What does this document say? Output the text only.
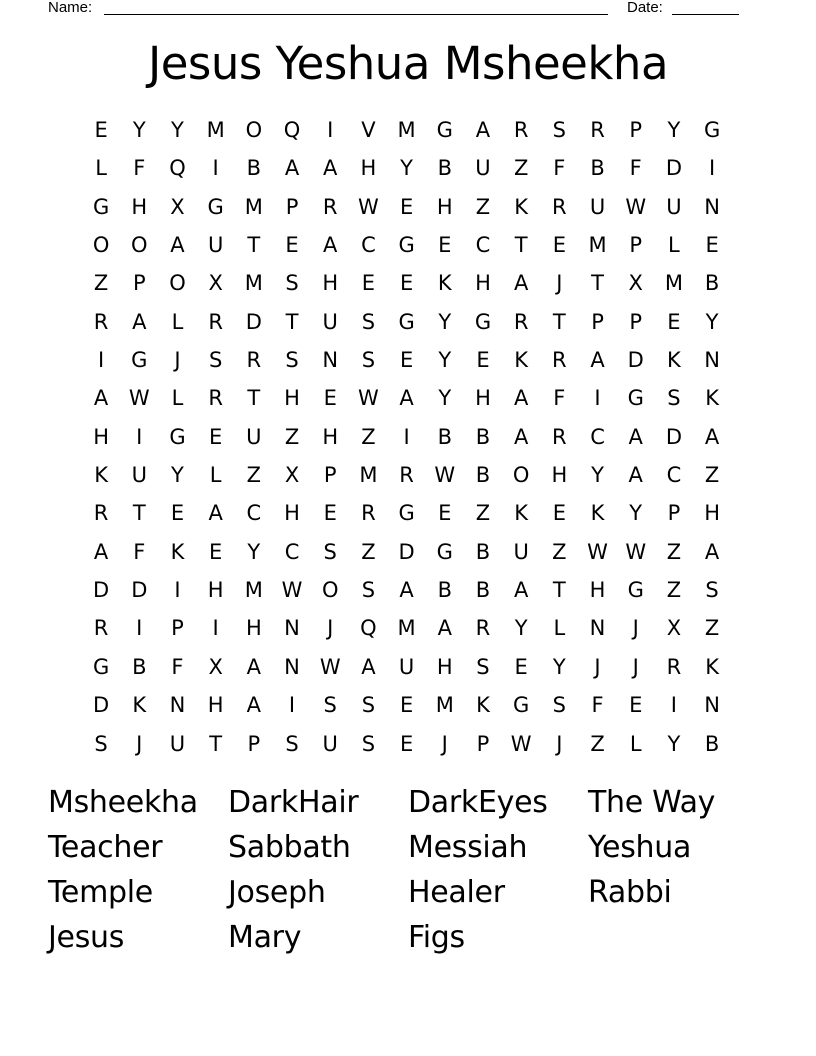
Name:	Date:
Jesus Yeshua Msheekha
E	Y	Y	M O	Q	I	V	M G	A	R	S	R	P	Y	G
L	F	Q	I	B	A	A	H	Y	B	U	Z	F	B	F	D	I
G	H	X	G M	P	R W	E	H	Z	K	R	U W U	N
O	O	A	U	T	E	A	C	G	E	C	T	E	M	P	L	E
Z	P	O	X	M	S	H	E	E	K	H	A	J	T	X	M	B
R	A	L	R	D	T	U	S	G	Y	G	R	T	P	P	E	Y
I	G	J	S	R	S	N	S	E	Y	E	K	R	A	D	K	N
A W	L	R	T	H	E	W A	Y	H	A	F	I	G	S	K
H	I	G	E	U	Z	H	Z	I	B	B	A	R	C	A	D	A
K	U	Y	L	Z	X	P	M	R W B	O	H	Y	A	C	Z
R	T	E	A	C	H	E	R	G	E	Z	K	E	K	Y	P	H
A	F	K	E	Y	C	S	Z	D	G	B	U	Z W W Z	A
D	D	I	H	M W O	S	A	B	B	A	T	H	G	Z	S
R	I	P	I	H	N	J	Q M	A	R	Y	L	N	J	X	Z
G	B	F	X	A	N W A	U	H	S	E	Y	J	J	R	K
D	K	N	H	A	I	S	S	E	M	K	G	S	F	E	I	N
S	J	U	T	P	S	U	S	E	J	P	W	J	Z	L	Y	B
Msheekha	DarkHair	DarkEyes	The Way
Teacher	Sabbath	Messiah	Yeshua
Temple	Joseph	Healer	Rabbi
Jesus	Mary	Figs
